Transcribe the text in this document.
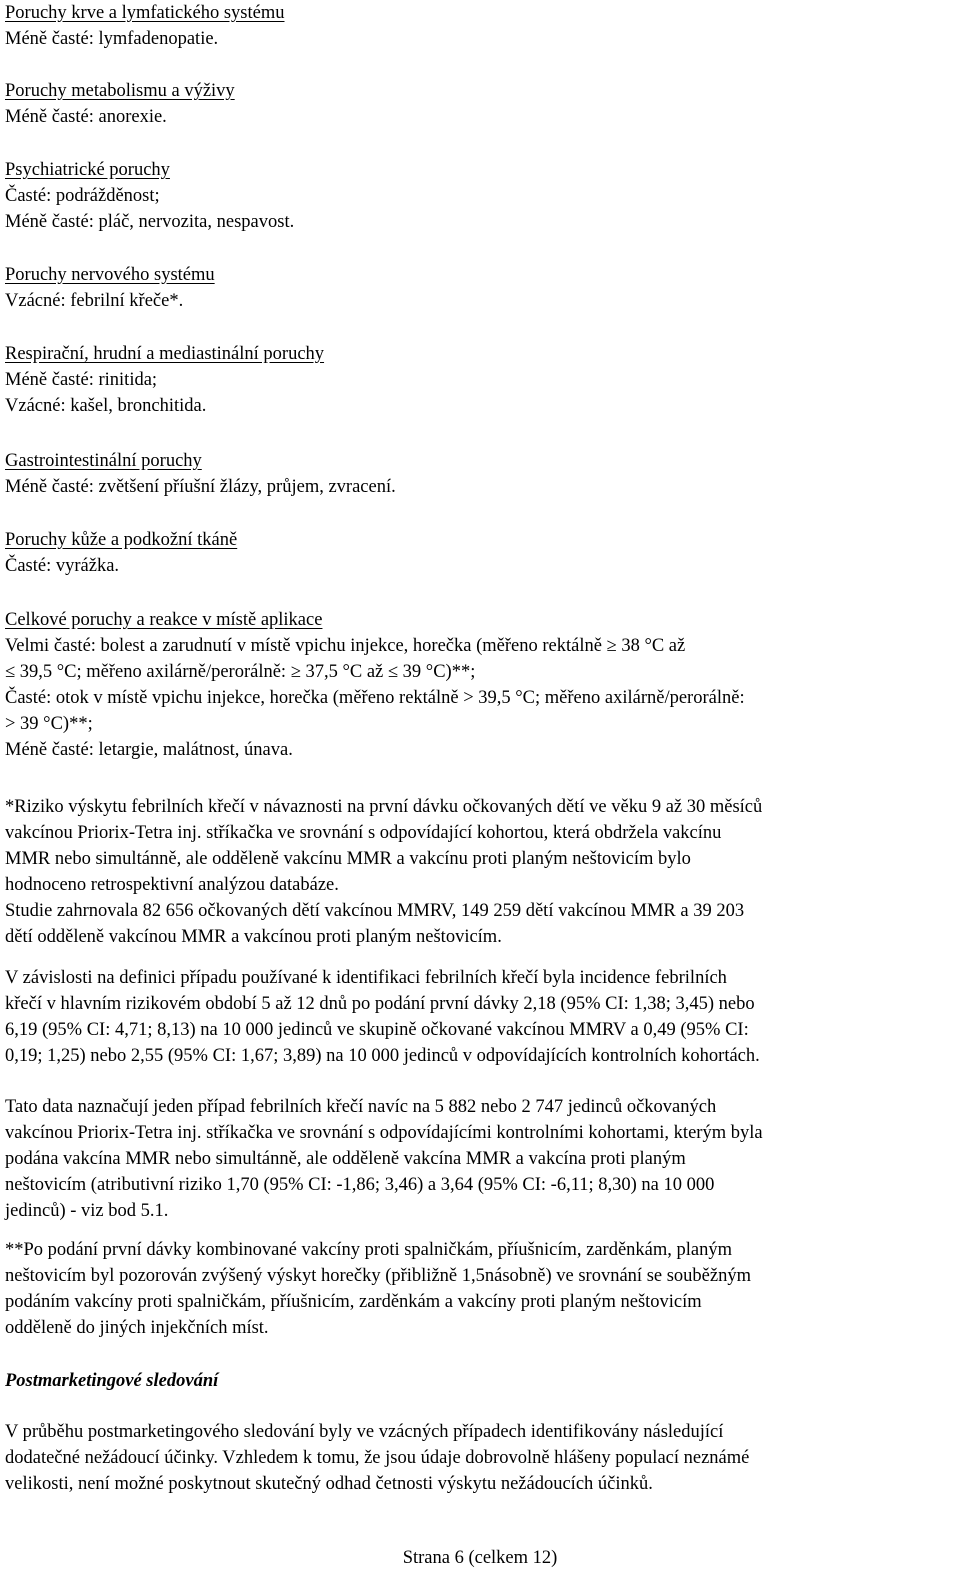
Poruchy krve a lymfatického systému
Méně časté: lymfadenopatie.
Poruchy metabolismu a výživy
Méně časté: anorexie.
Psychiatrické poruchy
Časté: podrážděnost;
Méně časté: pláč, nervozita, nespavost.
Poruchy nervového systému
Vzácné: febrilní křeče*.
Respirační, hrudní a mediastinální poruchy
Méně časté: rinitida;
Vzácné: kašel, bronchitida.
Gastrointestinální poruchy
Méně časté: zvětšení příušní žlázy, průjem, zvracení.
Poruchy kůže a podkožní tkáně
Časté: vyrážka.
Celkové poruchy a reakce v místě aplikace
Velmi časté: bolest a zarudnutí v místě vpichu injekce, horečka (měřeno rektálně ≥ 38 °C až
≤ 39,5 °C; měřeno axilárně/perorálně: ≥ 37,5 °C až ≤ 39 °C)**;
Časté: otok v místě vpichu injekce, horečka (měřeno rektálně > 39,5 °C; měřeno axilárně/perorálně:
> 39 °C)**;
Méně časté: letargie, malátnost, únava.
*Riziko výskytu febrilních křečí v návaznosti na první dávku očkovaných dětí ve věku 9 až 30 měsíců
vakcínou Priorix-Tetra inj. stříkačka ve srovnání s odpovídající kohortou, která obdržela vakcínu
MMR nebo simultánně, ale odděleně vakcínu MMR a vakcínu proti planým neštovicím bylo
hodnoceno retrospektivní analýzou databáze.
Studie zahrnovala 82 656 očkovaných dětí vakcínou MMRV, 149 259 dětí vakcínou MMR a 39 203
dětí odděleně vakcínou MMR a vakcínou proti planým neštovicím.
V závislosti na definici případu používané k identifikaci febrilních křečí byla incidence febrilních
křečí v hlavním rizikovém období 5 až 12 dnů po podání první dávky 2,18 (95% CI: 1,38; 3,45) nebo
6,19 (95% CI: 4,71; 8,13) na 10 000 jedinců ve skupině očkované vakcínou MMRV a 0,49 (95% CI:
0,19; 1,25) nebo 2,55 (95% CI: 1,67; 3,89) na 10 000 jedinců v odpovídajících kontrolních kohortách.
Tato data naznačují jeden případ febrilních křečí navíc na 5 882 nebo 2 747 jedinců očkovaných
vakcínou Priorix-Tetra inj. stříkačka ve srovnání s odpovídajícími kontrolními kohortami, kterým byla
podána vakcína MMR nebo simultánně, ale odděleně vakcína MMR a vakcína proti planým
neštovicím (atributivní riziko 1,70 (95% CI: -1,86; 3,46) a 3,64 (95% CI: -6,11; 8,30) na 10 000
jedinců) - viz bod 5.1.
**Po podání první dávky kombinované vakcíny proti spalničkám, příušnicím, zarděnkám, planým
neštovicím byl pozorován zvýšený výskyt horečky (přibližně 1,5násobně) ve srovnání se souběžným
podáním vakcíny proti spalničkám, příušnicím, zarděnkám a vakcíny proti planým neštovicím
odděleně do jiných injekčních míst.
Postmarketingové sledování
V průběhu postmarketingového sledování byly ve vzácných případech identifikovány následující
dodatečné nežádoucí účinky. Vzhledem k tomu, že jsou údaje dobrovolně hlášeny populací neznámé
velikosti, není možné poskytnout skutečný odhad četnosti výskytu nežádoucích účinků.
Strana 6 (celkem 12)
